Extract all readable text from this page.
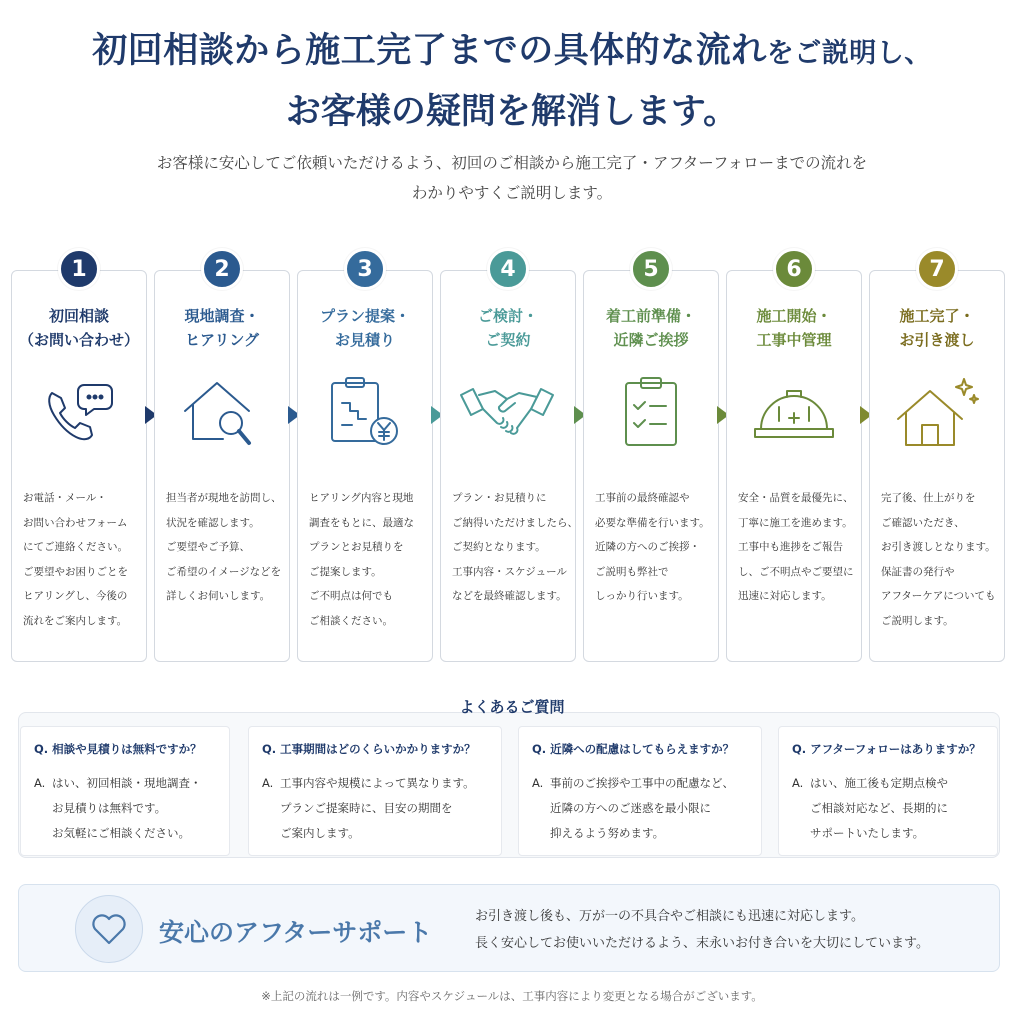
初回相談から施工完了までの具体的な流れをご説明し、
お客様の疑問を解消します。
お客様に安心してご依頼いただけるよう、初回のご相談から施工完了・アフターフォローまでの流れを
わかりやすくご説明します。
1
初回相談
（お問い合わせ）
お電話・メール・
お問い合わせフォーム
にてご連絡ください。
ご要望やお困りごとを
ヒアリングし、今後の
流れをご案内します。
2
現地調査・
ヒアリング
担当者が現地を訪問し、
状況を確認します。
ご要望やご予算、
ご希望のイメージなどを
詳しくお伺いします。
3
プラン提案・
お見積り
ヒアリング内容と現地
調査をもとに、最適な
プランとお見積りを
ご提案します。
ご不明点は何でも
ご相談ください。
4
ご検討・
ご契約
プラン・お見積りに
ご納得いただけましたら、
ご契約となります。
工事内容・スケジュール
などを最終確認します。
5
着工前準備・
近隣ご挨拶
工事前の最終確認や
必要な準備を行います。
近隣の方へのご挨拶・
ご説明も弊社で
しっかり行います。
6
施工開始・
工事中管理
安全・品質を最優先に、
丁寧に施工を進めます。
工事中も進捗をご報告
し、ご不明点やご要望に
迅速に対応します。
7
施工完了・
お引き渡し
完了後、仕上がりを
ご確認いただき、
お引き渡しとなります。
保証書の発行や
アフターケアについても
ご説明します。
よくあるご質問
Q. 相談や見積りは無料ですか？
A. はい、初回相談・現地調査・
お見積りは無料です。
お気軽にご相談ください。
Q. 工事期間はどのくらいかかりますか？
A. 工事内容や規模によって異なります。
プランご提案時に、目安の期間を
ご案内します。
Q. 近隣への配慮はしてもらえますか？
A. 事前のご挨拶や工事中の配慮など、
近隣の方へのご迷惑を最小限に
抑えるよう努めます。
Q. アフターフォローはありますか？
A. はい、施工後も定期点検や
ご相談対応など、長期的に
サポートいたします。
安心のアフターサポート
お引き渡し後も、万が一の不具合やご相談にも迅速に対応します。
長く安心してお使いいただけるよう、末永いお付き合いを大切にしています。
※上記の流れは一例です。内容やスケジュールは、工事内容により変更となる場合がございます。
